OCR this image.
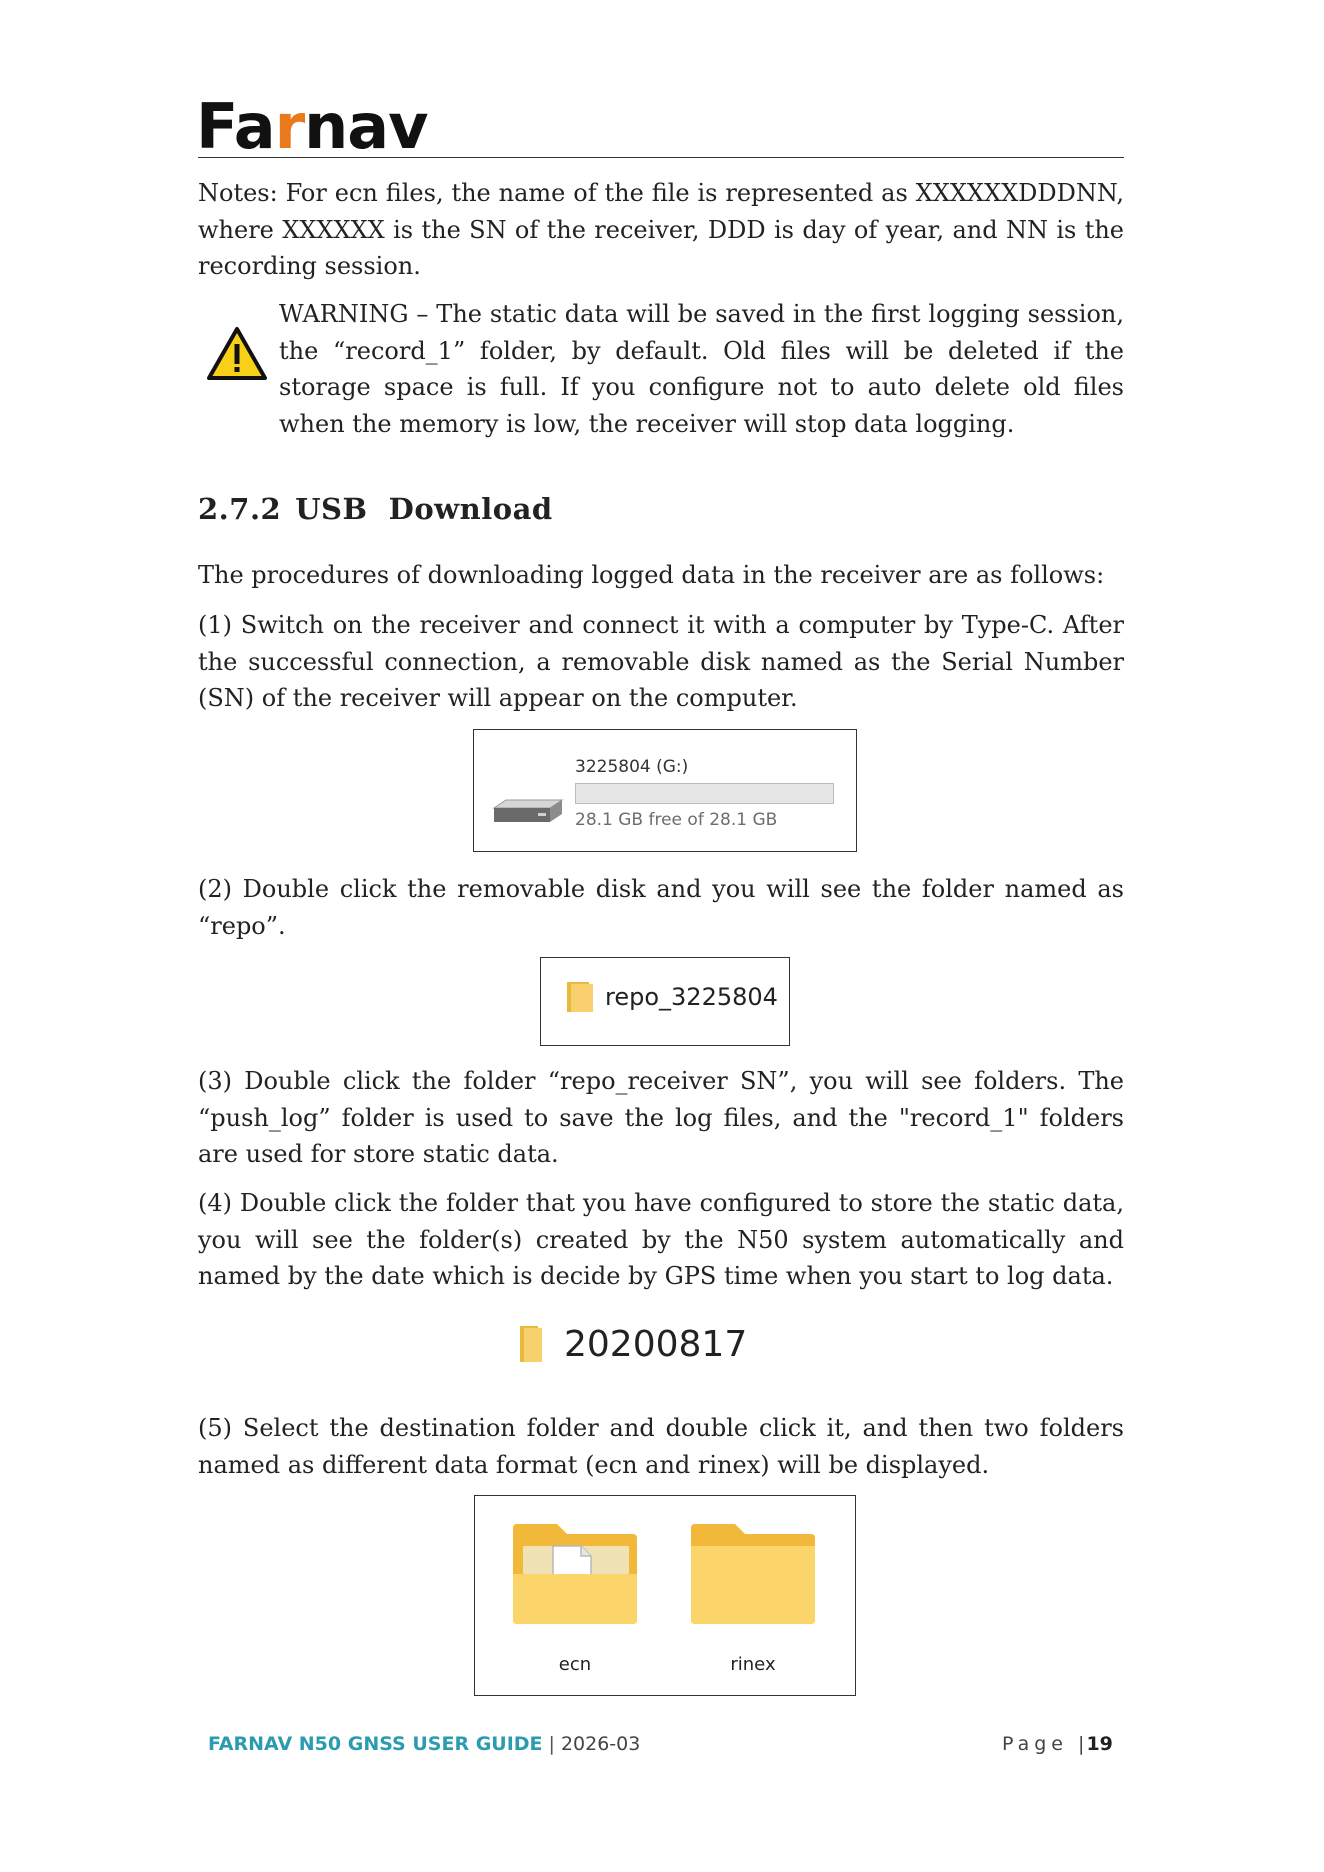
Farnav
Notes: For ecn files, the name of the file is represented as XXXXXXDDDNN, where XXXXXX is the SN of the receiver, DDD is day of year, and NN is the recording session.
WARNING – The static data will be saved in the first logging session, the “record_1” folder, by default. Old files will be deleted if the storage space is full. If you configure not to auto delete old files when the memory is low, the receiver will stop data logging.
2.7.2 USB  Download
The procedures of downloading logged data in the receiver are as follows:
(1) Switch on the receiver and connect it with a computer by Type-C. After the successful connection, a removable disk named as the Serial Number (SN) of the receiver will appear on the computer.
3225804 (G:)
28.1 GB free of 28.1 GB
(2) Double click the removable disk and you will see the folder named as “repo”.
repo_3225804
(3) Double click the folder “repo_receiver SN”, you will see folders. The “push_log” folder is used to save the log files, and the "record_1" folders are used for store static data.
(4) Double click the folder that you have configured to store the static data, you will see the folder(s) created by the N50 system automatically and named by the date which is decide by GPS time when you start to log data.
20200817
(5) Select the destination folder and double click it, and then two folders named as different data format (ecn and rinex) will be displayed.
ecn	rinex
FARNAV N50 GNSS USER GUIDE | 2026-03	Page | 19
